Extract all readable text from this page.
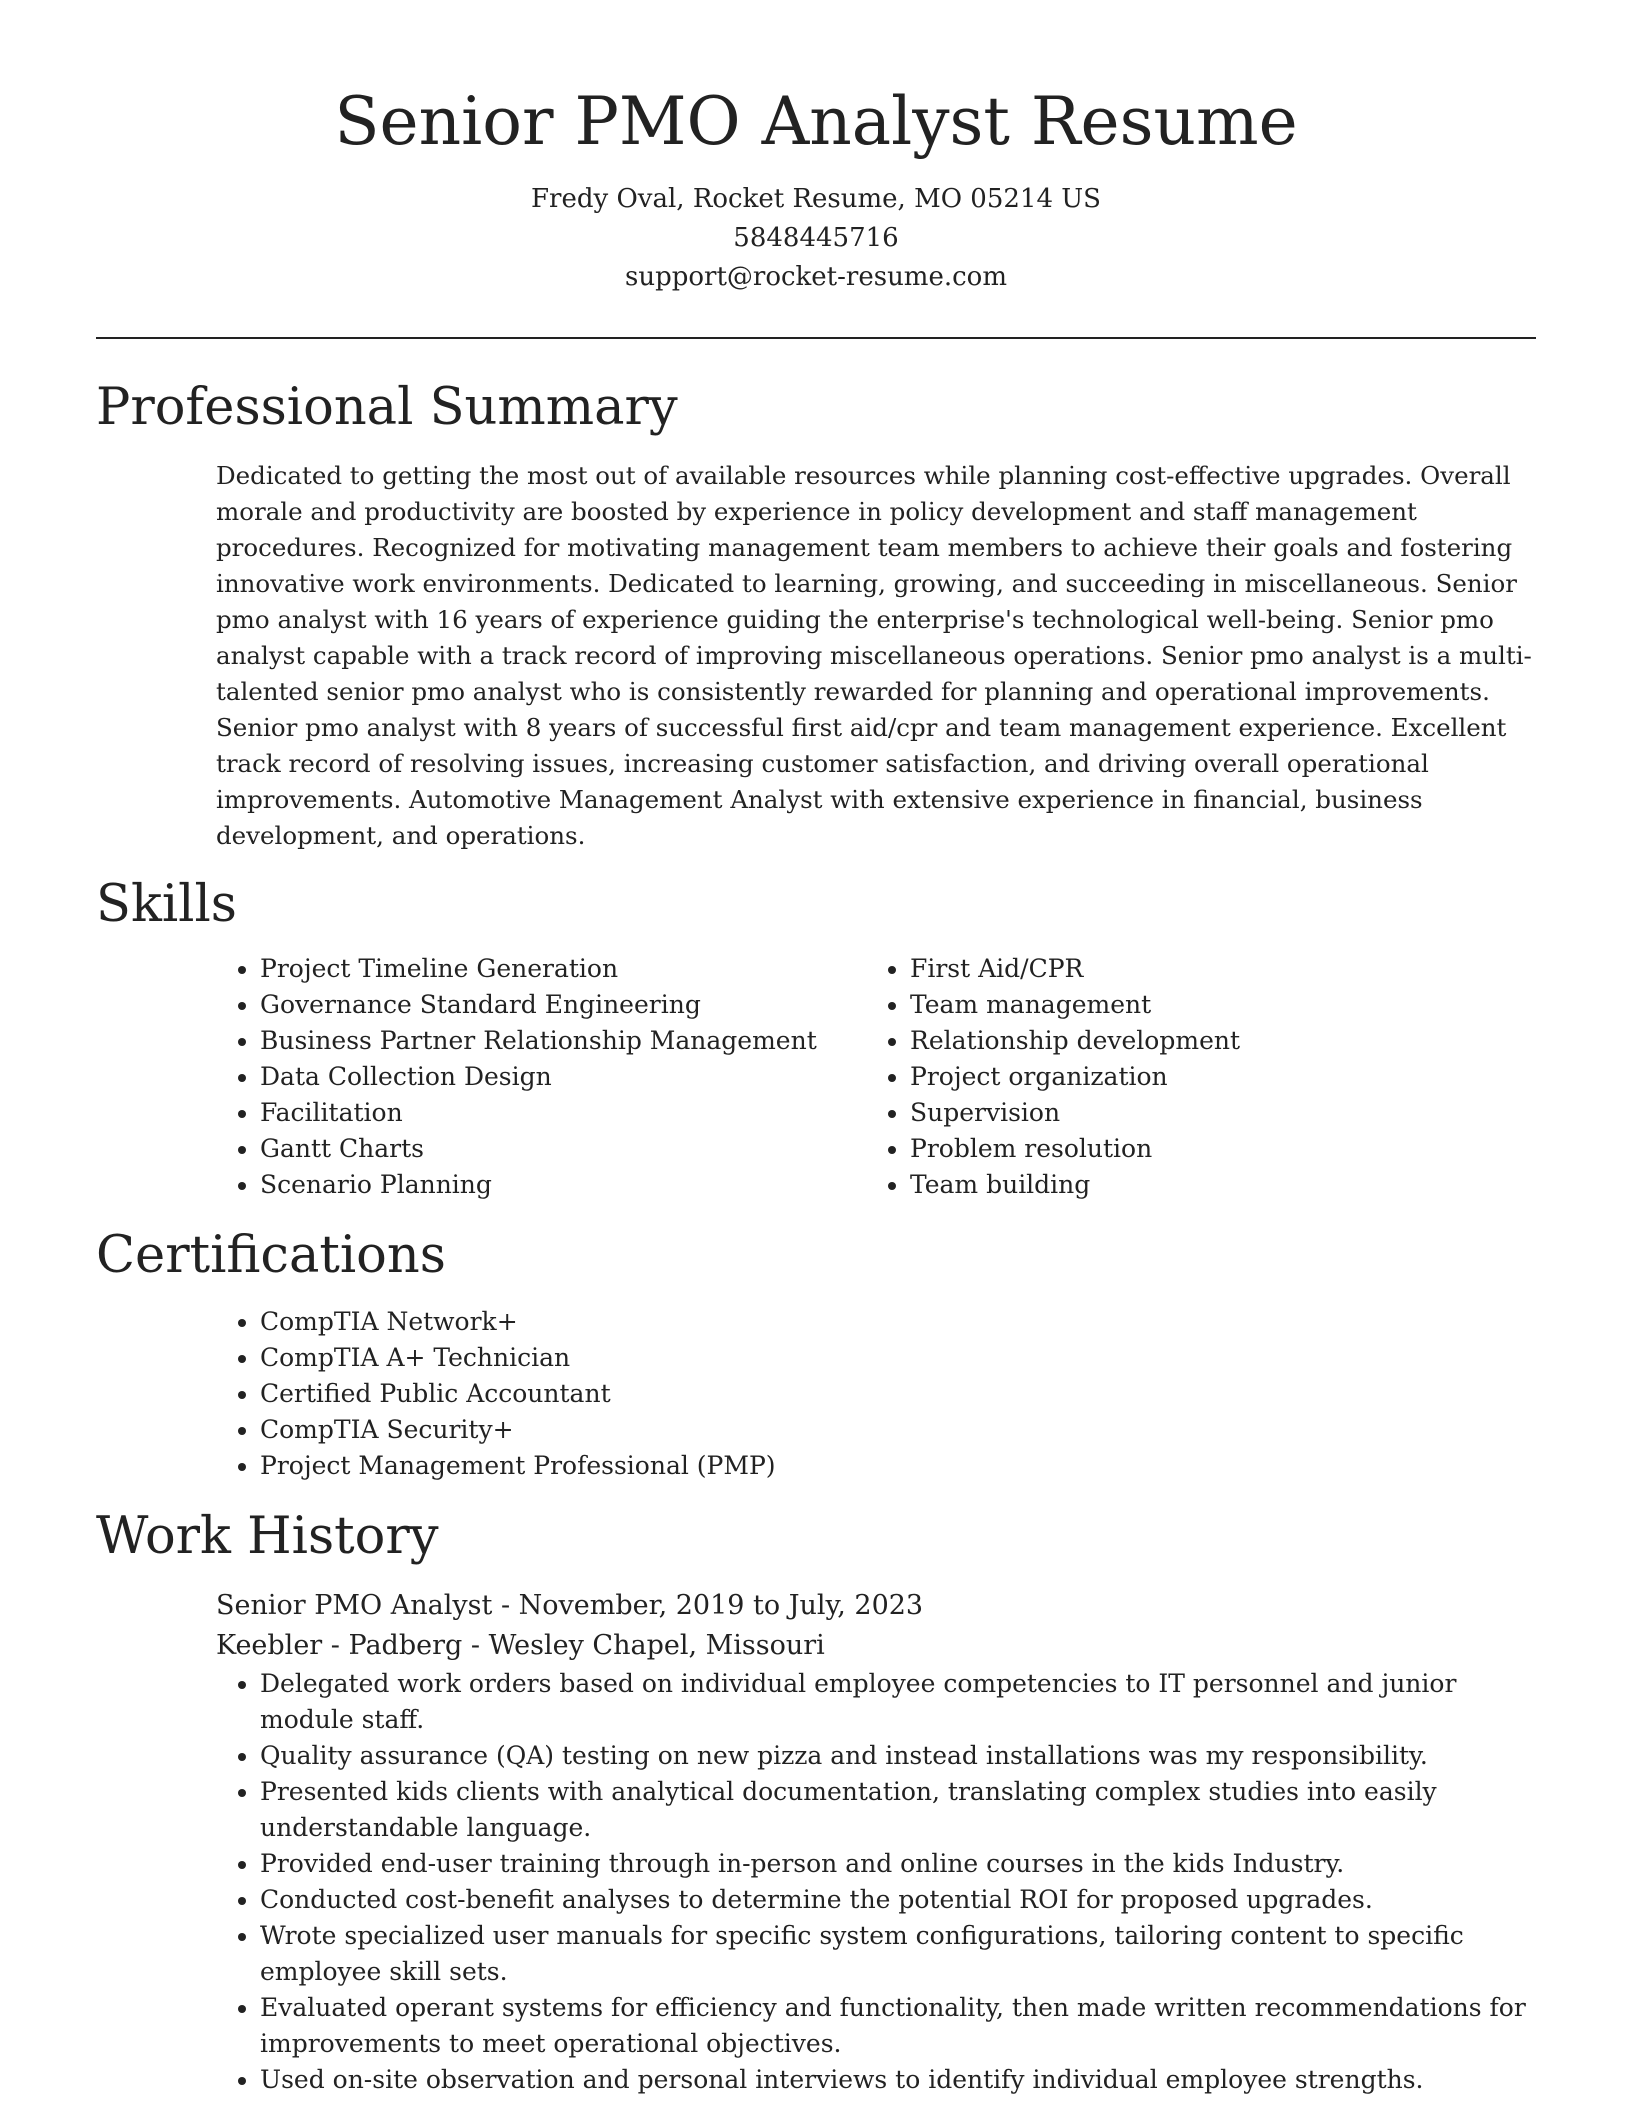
Senior PMO Analyst Resume
Fredy Oval, Rocket Resume, MO 05214 US
5848445716
support@rocket-resume.com
Professional Summary

Dedicated to getting the most out of available resources while planning cost-effective upgrades. Overall morale and productivity are boosted by experience in policy development and staff management procedures. Recognized for motivating management team members to achieve their goals and fostering innovative work environments. Dedicated to learning, growing, and succeeding in miscellaneous. Senior pmo analyst with 16 years of experience guiding the enterprise's technological well-being. Senior pmo analyst capable with a track record of improving miscellaneous operations. Senior pmo analyst is a multi-talented senior pmo analyst who is consistently rewarded for planning and operational improvements. Senior pmo analyst with 8 years of successful first aid/cpr and team management experience. Excellent track record of resolving issues, increasing customer satisfaction, and driving overall operational improvements. Automotive Management Analyst with extensive experience in financial, business development, and operations.

Skills
• Project Timeline Generation
• Governance Standard Engineering
• Business Partner Relationship Management
• Data Collection Design
• Facilitation
• Gantt Charts
• Scenario Planning
• First Aid/CPR
• Team management
• Relationship development
• Project organization
• Supervision
• Problem resolution
• Team building
Certifications
• CompTIA Network+
• CompTIA A+ Technician
• Certified Public Accountant
• CompTIA Security+
• Project Management Professional (PMP)
Work History
Senior PMO Analyst - November, 2019 to July, 2023
Keebler - Padberg - Wesley Chapel, Missouri
• Delegated work orders based on individual employee competencies to IT personnel and junior module staff.
• Quality assurance (QA) testing on new pizza and instead installations was my responsibility.
• Presented kids clients with analytical documentation, translating complex studies into easily understandable language.
• Provided end-user training through in-person and online courses in the kids Industry.
• Conducted cost-benefit analyses to determine the potential ROI for proposed upgrades.
• Wrote specialized user manuals for specific system configurations, tailoring content to specific employee skill sets.
• Evaluated operant systems for efficiency and functionality, then made written recommendations for improvements to meet operational objectives.
• Used on-site observation and personal interviews to identify individual employee strengths.
